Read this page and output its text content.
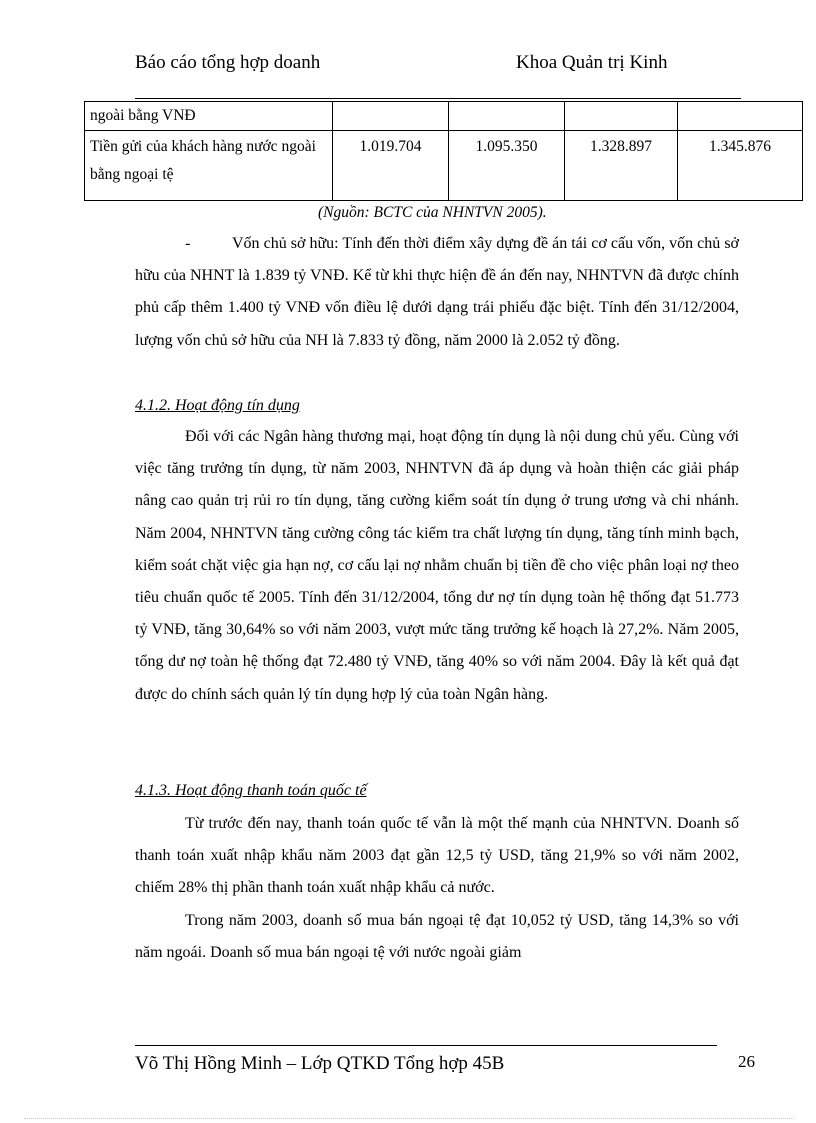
Báo cáo tổng hợp doanh	Khoa Quản trị Kinh
ngoài bằng VNĐ				
Tiền gửi của khách hàng nước ngoài bằng ngoại tệ	1.019.704	1.095.350	1.328.897	1.345.876
(Nguồn: BCTC của NHNTVN 2005).

-	Vốn chủ sở hữu: Tính đến thời điểm xây dựng đề án tái cơ cấu vốn, vốn chủ sở hữu của NHNT là 1.839 tỷ VNĐ. Kể từ khi thực hiện đề án đến nay, NHNTVN đã được chính phủ cấp thêm 1.400 tỷ VNĐ vốn điều lệ dưới dạng trái phiếu đặc biệt. Tính đến 31/12/2004, lượng vốn chủ sở hữu của NH là 7.833 tỷ đồng, năm 2000 là 2.052 tỷ đồng.

4.1.2. Hoạt động tín dụng

Đối với các Ngân hàng thương mại, hoạt động tín dụng là nội dung chủ yếu. Cùng với việc tăng trưởng tín dụng, từ năm 2003, NHNTVN đã áp dụng và hoàn thiện các giải pháp nâng cao quản trị rủi ro tín dụng, tăng cường kiểm soát tín dụng ở trung ương và chi nhánh. Năm 2004, NHNTVN tăng cường công tác kiểm tra chất lượng tín dụng, tăng tính minh bạch, kiểm soát chặt việc gia hạn nợ, cơ cấu lại nợ nhằm chuẩn bị tiền đề cho việc phân loại nợ theo tiêu chuẩn quốc tế 2005. Tính đến 31/12/2004, tổng dư nợ tín dụng toàn hệ thống đạt 51.773 tỷ VNĐ, tăng 30,64% so với năm 2003, vượt mức tăng trưởng kế hoạch là 27,2%. Năm 2005, tổng dư nợ toàn hệ thống đạt 72.480 tỷ VNĐ, tăng 40% so với năm 2004. Đây là kết quả đạt được do chính sách quản lý tín dụng hợp lý của toàn Ngân hàng.

4.1.3. Hoạt động thanh toán quốc tế

Từ trước đến nay, thanh toán quốc tế vẫn là một thế mạnh của NHNTVN. Doanh số thanh toán xuất nhập khẩu năm 2003 đạt gần 12,5 tỷ USD, tăng 21,9% so với năm 2002, chiếm 28% thị phần thanh toán xuất nhập khẩu cả nước.

Trong năm 2003, doanh số mua bán ngoại tệ đạt 10,052 tỷ USD, tăng 14,3% so với năm ngoái. Doanh số mua bán ngoại tệ với nước ngoài giảm

Võ Thị Hồng Minh – Lớp QTKD Tổng hợp 45B	26
